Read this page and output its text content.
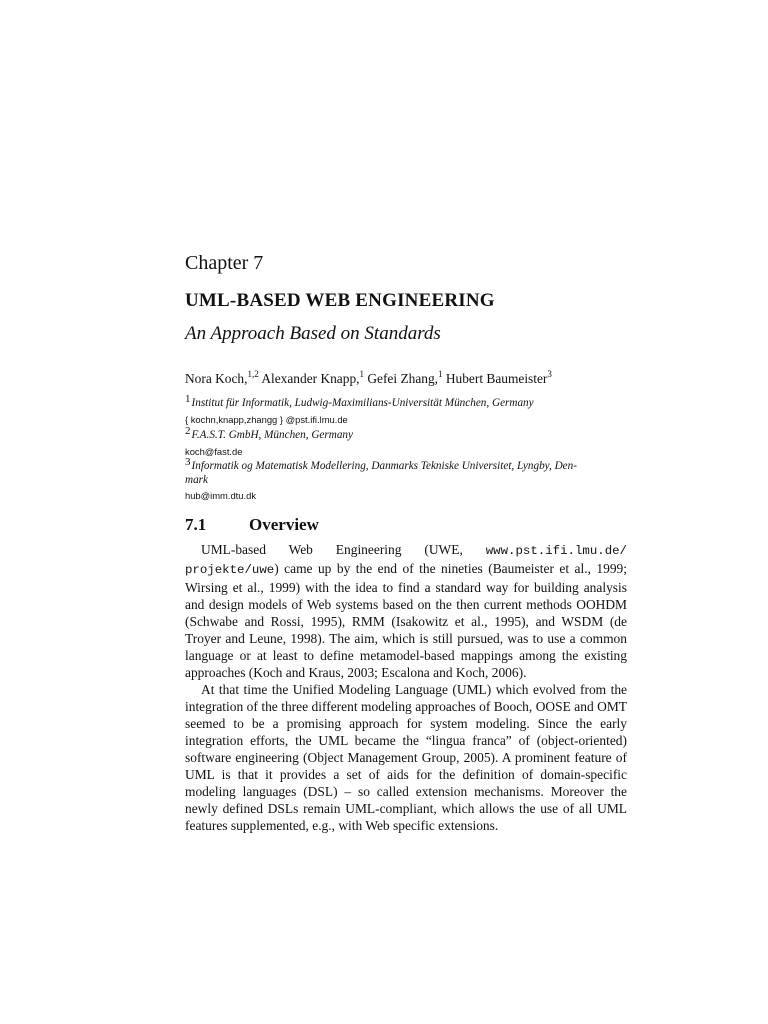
Chapter 7
UML-BASED WEB ENGINEERING
An Approach Based on Standards
Nora Koch,$^{1,2}$ Alexander Knapp,$^1$ Gefei Zhang,$^1$ Hubert Baumeister$^3$
$^1$Institut für Informatik, Ludwig-Maximilians-Universität München, Germany
{ kochn,knapp,zhangg } @pst.ifi.lmu.de
$^2$F.A.S.T. GmbH, München, Germany
koch@fast.de
$^3$Informatik og Matematisk Modellering, Danmarks Tekniske Universitet, Lyngby, Den-
mark
hub@imm.dtu.dk
7.1	Overview

UML-based Web Engineering (UWE, www.pst.ifi.lmu.de/ projekte/uwe) came up by the end of the nineties (Baumeister et al., 1999; Wirsing et al., 1999) with the idea to find a standard way for building analysis and design models of Web systems based on the then current methods OOHDM (Schwabe and Rossi, 1995), RMM (Isakowitz et al., 1995), and WSDM (de Troyer and Leune, 1998). The aim, which is still pursued, was to use a common language or at least to define metamodel-based mappings among the existing approaches (Koch and Kraus, 2003; Escalona and Koch, 2006).

At that time the Unified Modeling Language (UML) which evolved from the integration of the three different modeling approaches of Booch, OOSE and OMT seemed to be a promising approach for system modeling. Since the early integration efforts, the UML became the “lingua franca” of (object-oriented) software engineering (Object Management Group, 2005). A prominent feature of UML is that it provides a set of aids for the definition of domain-specific modeling languages (DSL) – so called extension mechanisms. Moreover the newly defined DSLs remain UML-compliant, which allows the use of all UML features supplemented, e.g., with Web specific extensions.
